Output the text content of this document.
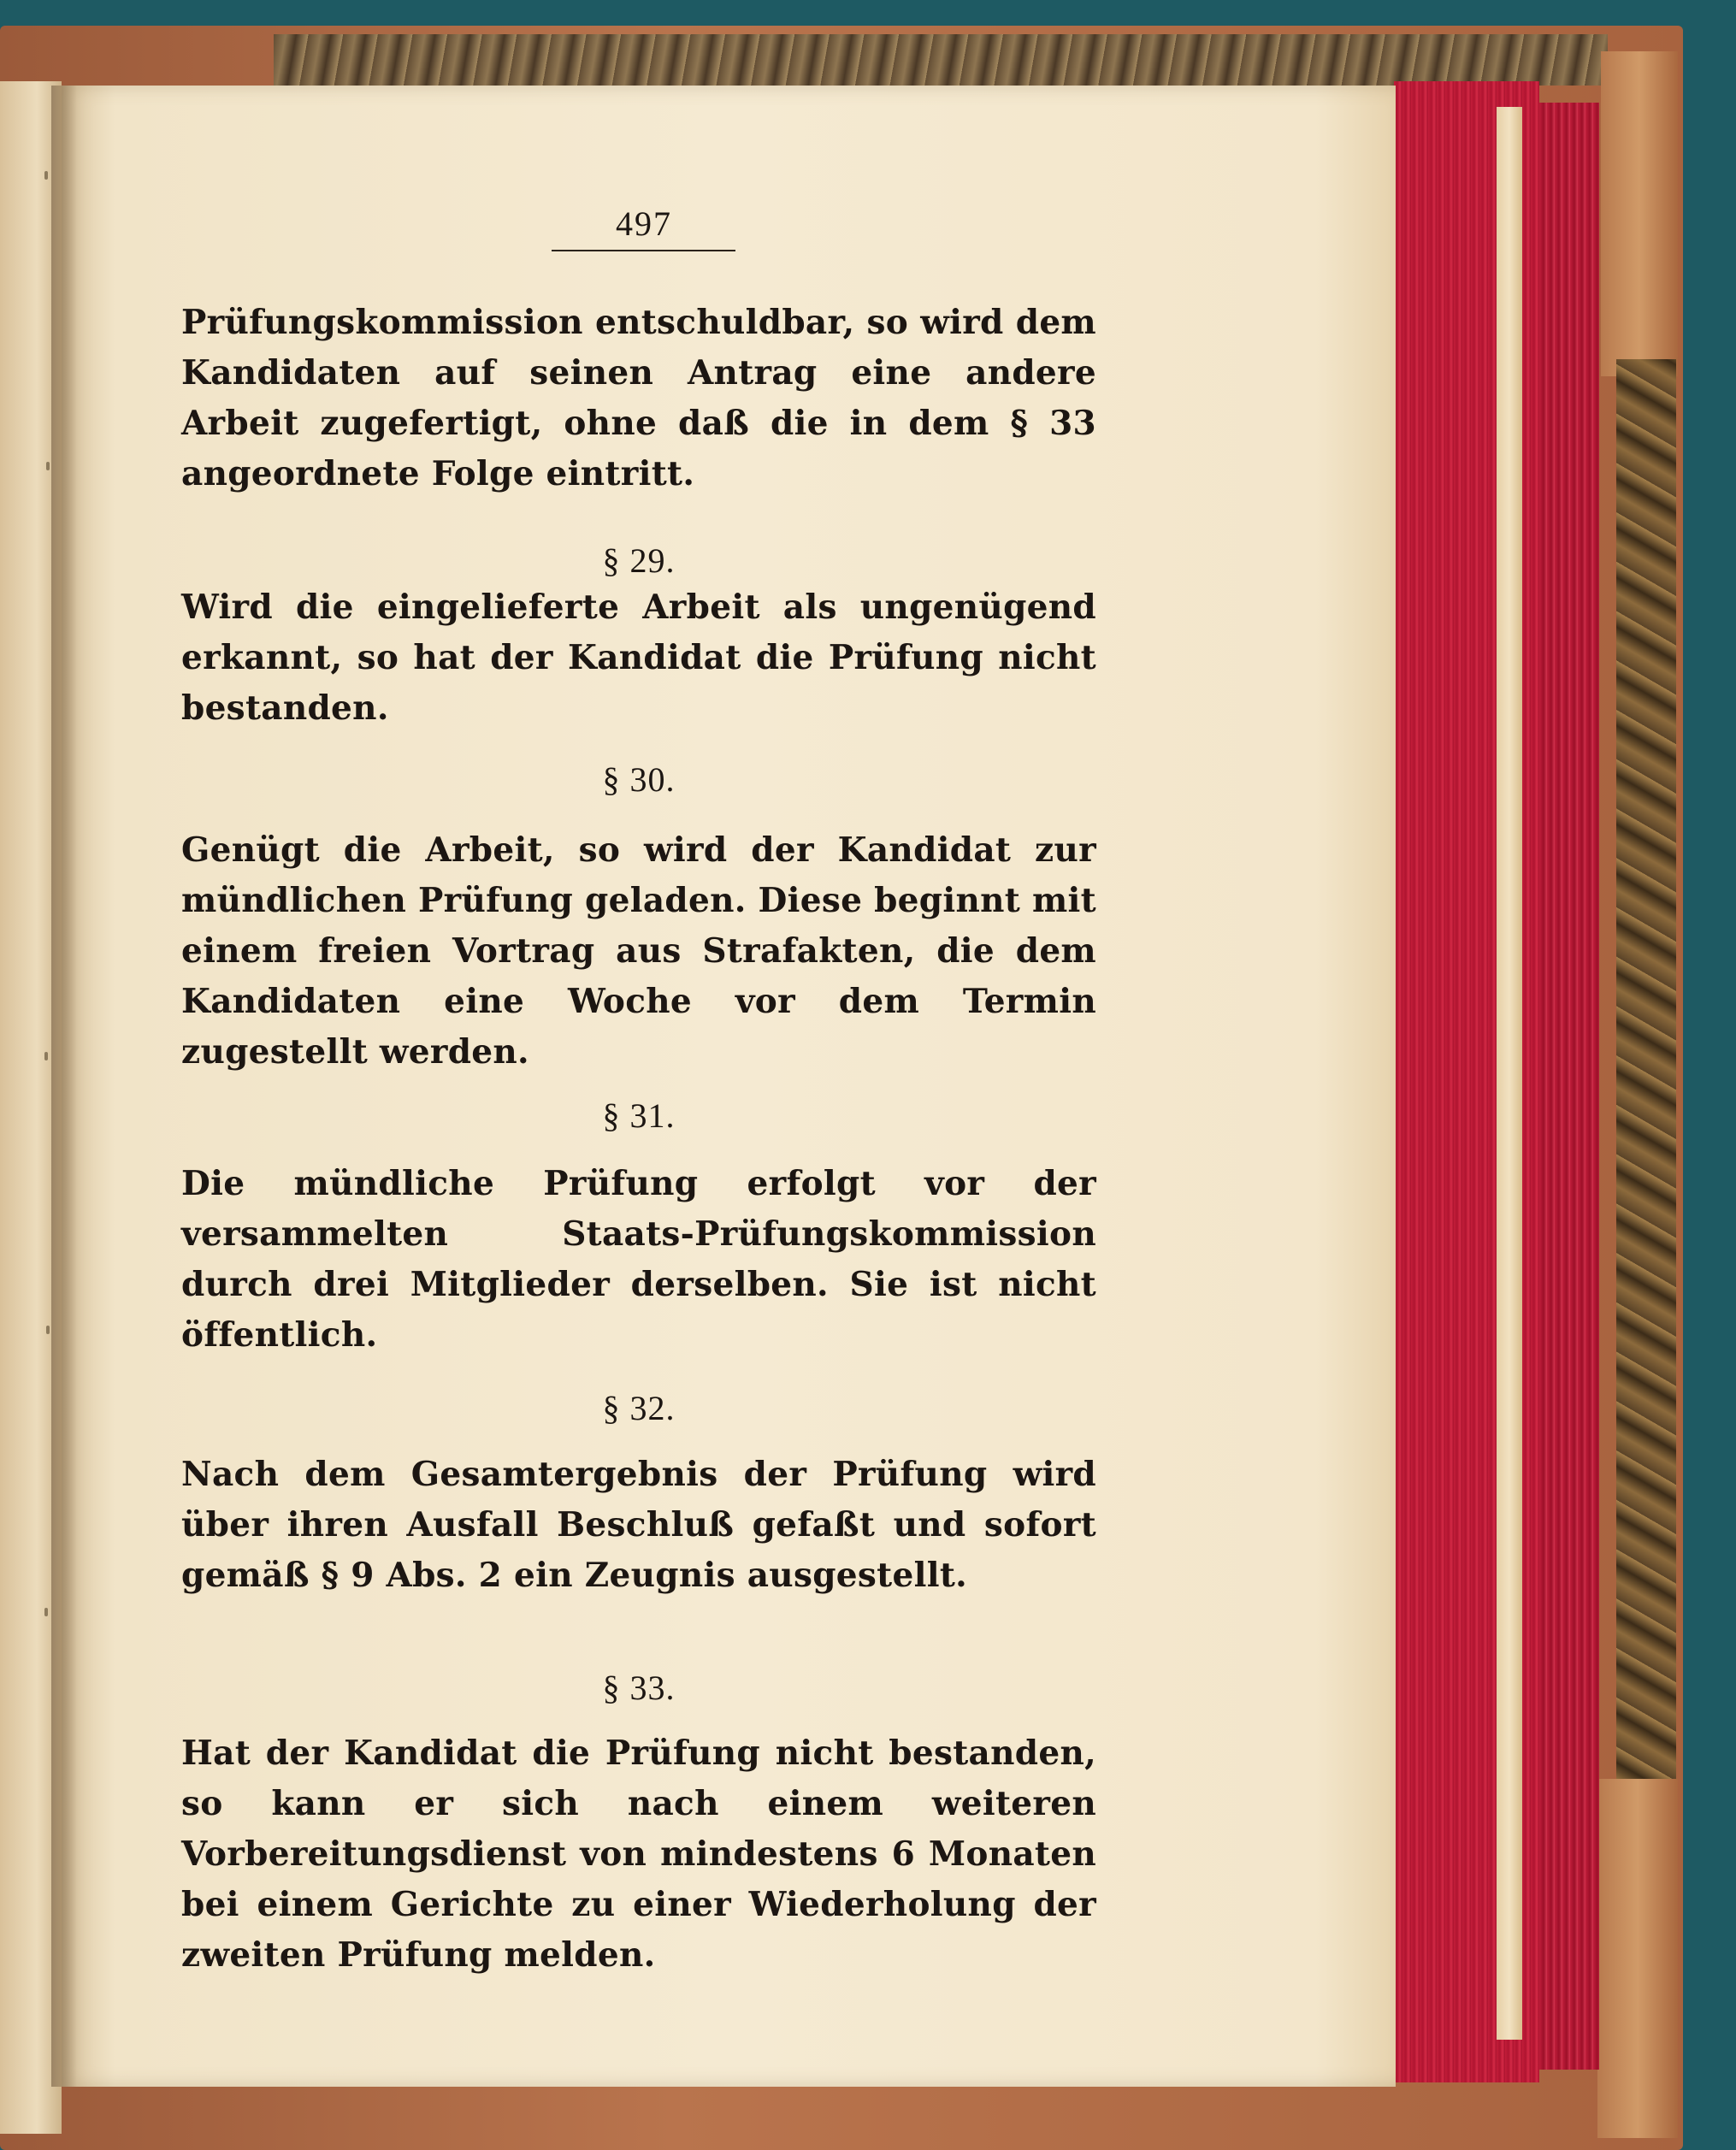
497
Prüfungskommission entschuldbar, so wird dem Kandidaten auf seinen Antrag eine andere Arbeit zugefertigt, ohne daß die in dem § 33 angeordnete Folge eintritt.
§ 29.
Wird die eingelieferte Arbeit als ungenügend erkannt, so hat der Kandidat die Prüfung nicht bestanden.
§ 30.
Genügt die Arbeit, so wird der Kandidat zur mündlichen Prüfung geladen. Diese beginnt mit einem freien Vortrag aus Strafakten, die dem Kandidaten eine Woche vor dem Termin zugestellt werden.
§ 31.
Die mündliche Prüfung erfolgt vor der versammelten Staats-Prüfungskommission durch drei Mitglieder derselben. Sie ist nicht öffentlich.
§ 32.
Nach dem Gesamtergebnis der Prüfung wird über ihren Ausfall Beschluß gefaßt und sofort gemäß § 9 Abs. 2 ein Zeugnis ausgestellt.
§ 33.
Hat der Kandidat die Prüfung nicht bestanden, so kann er sich nach einem weiteren Vorbereitungsdienst von mindestens 6 Monaten bei einem Gerichte zu einer Wiederholung der zweiten Prüfung melden.
